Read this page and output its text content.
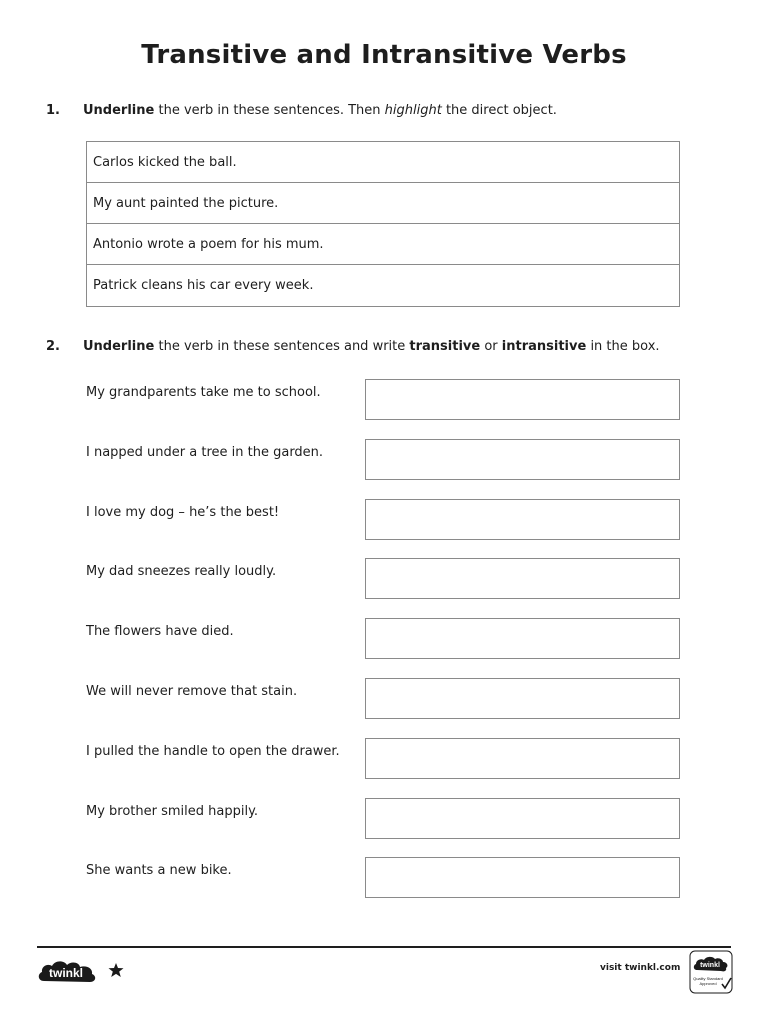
Transitive and Intransitive Verbs
1. Underline the verb in these sentences. Then highlight the direct object.
Carlos kicked the ball.
My aunt painted the picture.
Antonio wrote a poem for his mum.
Patrick cleans his car every week.
2. Underline the verb in these sentences and write transitive or intransitive in the box.
My grandparents take me to school.
I napped under a tree in the garden.
I love my dog – he’s the best!
My dad sneezes really loudly.
The flowers have died.
We will never remove that stain.
I pulled the handle to open the drawer.
My brother smiled happily.
She wants a new bike.
twinkl	visit twinkl.com	twinkl
Quality Standard
Approved
